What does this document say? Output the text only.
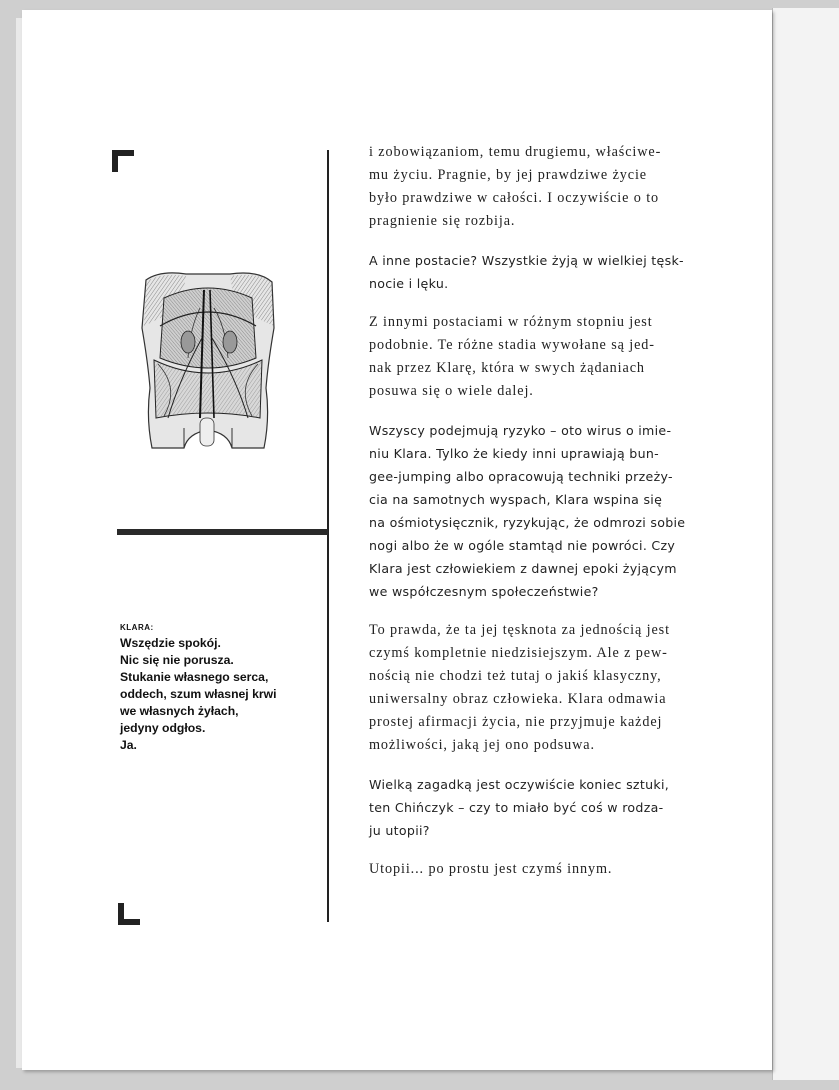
KLARA:
Wszędzie spokój.
Nic się nie porusza.
Stukanie własnego serca,
oddech, szum własnej krwi
we własnych żyłach,
jedyny odgłos.
Ja.

i zobowiązaniom, temu drugiemu, właściwe-
mu życiu. Pragnie, by jej prawdziwe życie
było prawdziwe w całości. I oczywiście o to
pragnienie się rozbija.

A inne postacie? Wszystkie żyją w wielkiej tęsk-
nocie i lęku.

Z innymi postaciami w różnym stopniu jest
podobnie. Te różne stadia wywołane są jed-
nak przez Klarę, która w swych żądaniach
posuwa się o wiele dalej.

Wszyscy podejmują ryzyko – oto wirus o imie-
niu Klara. Tylko że kiedy inni uprawiają bun-
gee-jumping albo opracowują techniki przeży-
cia na samotnych wyspach, Klara wspina się
na ośmiotysięcznik, ryzykując, że odmrozi sobie
nogi albo że w ogóle stamtąd nie powróci. Czy
Klara jest człowiekiem z dawnej epoki żyjącym
we współczesnym społeczeństwie?

To prawda, że ta jej tęsknota za jednością jest
czymś kompletnie niedzisiejszym. Ale z pew-
nością nie chodzi też tutaj o jakiś klasyczny,
uniwersalny obraz człowieka. Klara odmawia
prostej afirmacji życia, nie przyjmuje każdej
możliwości, jaką jej ono podsuwa.

Wielką zagadką jest oczywiście koniec sztuki,
ten Chińczyk – czy to miało być coś w rodza-
ju utopii?

Utopii... po prostu jest czymś innym.
